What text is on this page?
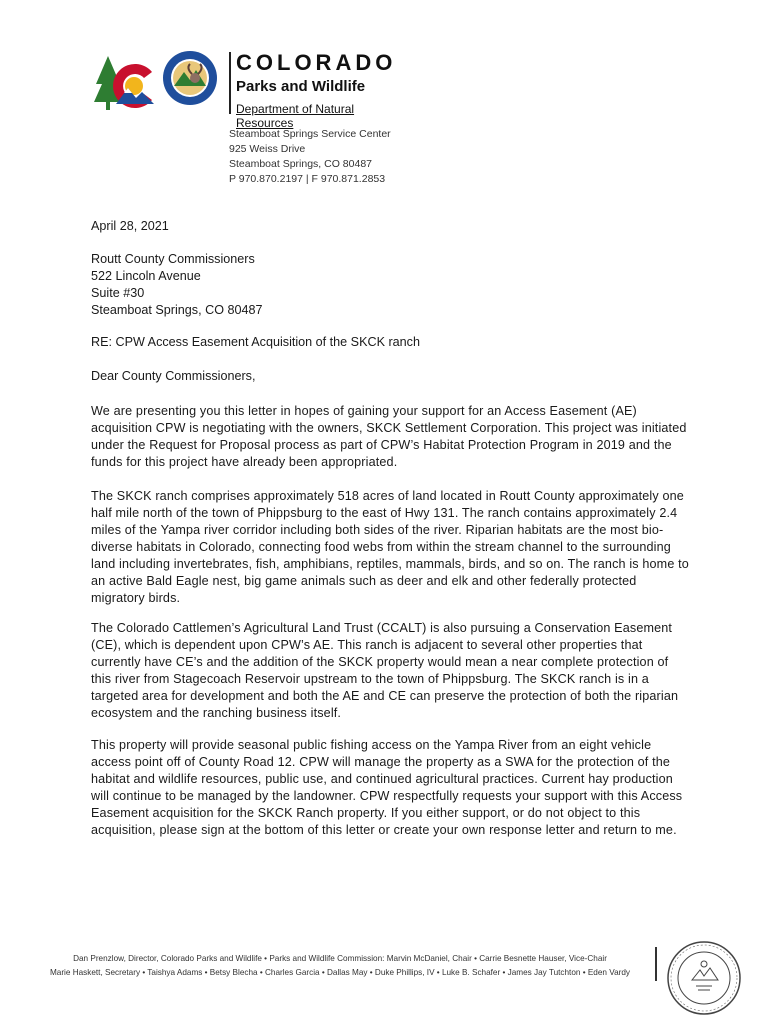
COLORADO
Parks and Wildlife
Department of Natural Resources
Steamboat Springs Service Center
925 Weiss Drive
Steamboat Springs, CO 80487
P 970.870.2197 | F 970.871.2853
April 28, 2021
Routt County Commissioners
522 Lincoln Avenue
Suite #30
Steamboat Springs, CO 80487
RE: CPW Access Easement Acquisition of the SKCK ranch
Dear County Commissioners,
We are presenting you this letter in hopes of gaining your support for an Access Easement (AE) acquisition CPW is negotiating with the owners, SKCK Settlement Corporation. This project was initiated under the Request for Proposal process as part of CPW’s Habitat Protection Program in 2019 and the funds for this project have already been appropriated.
The SKCK ranch comprises approximately 518 acres of land located in Routt County approximately one half mile north of the town of Phippsburg to the east of Hwy 131. The ranch contains approximately 2.4 miles of the Yampa river corridor including both sides of the river. Riparian habitats are the most bio-diverse habitats in Colorado, connecting food webs from within the stream channel to the surrounding land including invertebrates, fish, amphibians, reptiles, mammals, birds, and so on. The ranch is home to an active Bald Eagle nest, big game animals such as deer and elk and other federally protected migratory birds.
The Colorado Cattlemen’s Agricultural Land Trust (CCALT) is also pursuing a Conservation Easement (CE), which is dependent upon CPW’s AE. This ranch is adjacent to several other properties that currently have CE’s and the addition of the SKCK property would mean a near complete protection of this river from Stagecoach Reservoir upstream to the town of Phippsburg. The SKCK ranch is in a targeted area for development and both the AE and CE can preserve the protection of both the riparian ecosystem and the ranching business itself.
This property will provide seasonal public fishing access on the Yampa River from an eight vehicle access point off of County Road 12. CPW will manage the property as a SWA for the protection of the habitat and wildlife resources, public use, and continued agricultural practices. Current hay production will continue to be managed by the landowner. CPW respectfully requests your support with this Access Easement acquisition for the SKCK Ranch property. If you either support, or do not object to this acquisition, please sign at the bottom of this letter or create your own response letter and return to me.
Dan Prenzlow, Director, Colorado Parks and Wildlife • Parks and Wildlife Commission: Marvin McDaniel, Chair • Carrie Besnette Hauser, Vice-Chair
Marie Haskett, Secretary • Taishya Adams • Betsy Blecha • Charles Garcia • Dallas May • Duke Phillips, IV • Luke B. Schafer • James Jay Tutchton • Eden Vardy
